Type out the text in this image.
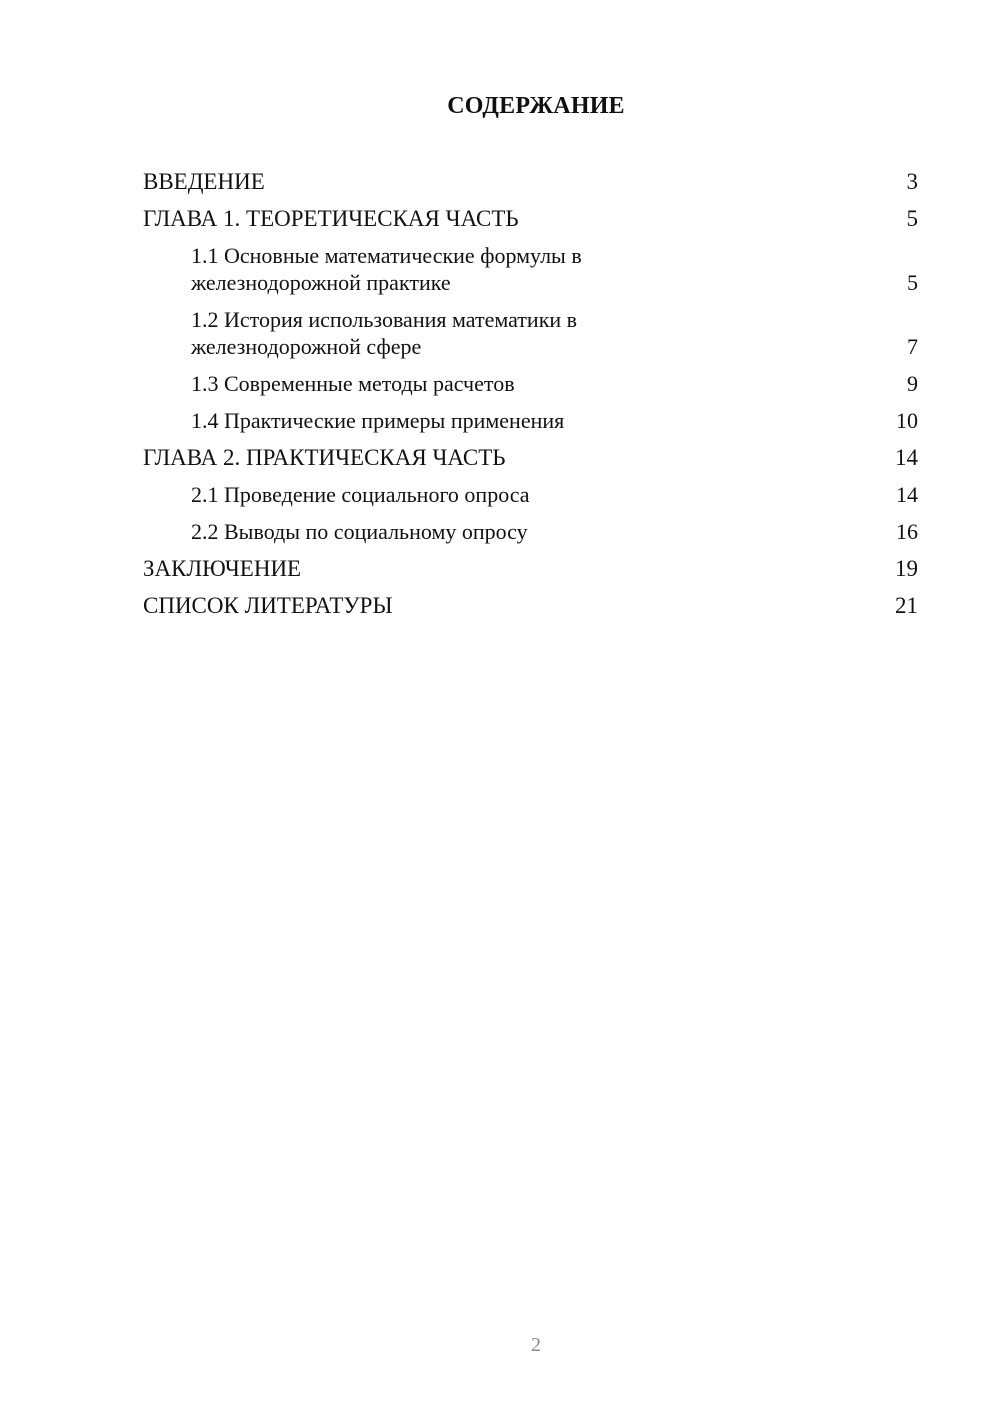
СОДЕРЖАНИЕ
ВВЕДЕНИЕ	3
ГЛАВА 1. ТЕОРЕТИЧЕСКАЯ ЧАСТЬ	5
1.1 Основные математические формулы в железнодорожной практике	5
1.2 История использования математики в железнодорожной сфере	7
1.3 Современные методы расчетов	9
1.4 Практические примеры применения	10
ГЛАВА 2. ПРАКТИЧЕСКАЯ ЧАСТЬ	14
2.1 Проведение социального опроса	14
2.2 Выводы по социальному опросу	16
ЗАКЛЮЧЕНИЕ	19
СПИСОК ЛИТЕРАТУРЫ	21
2
